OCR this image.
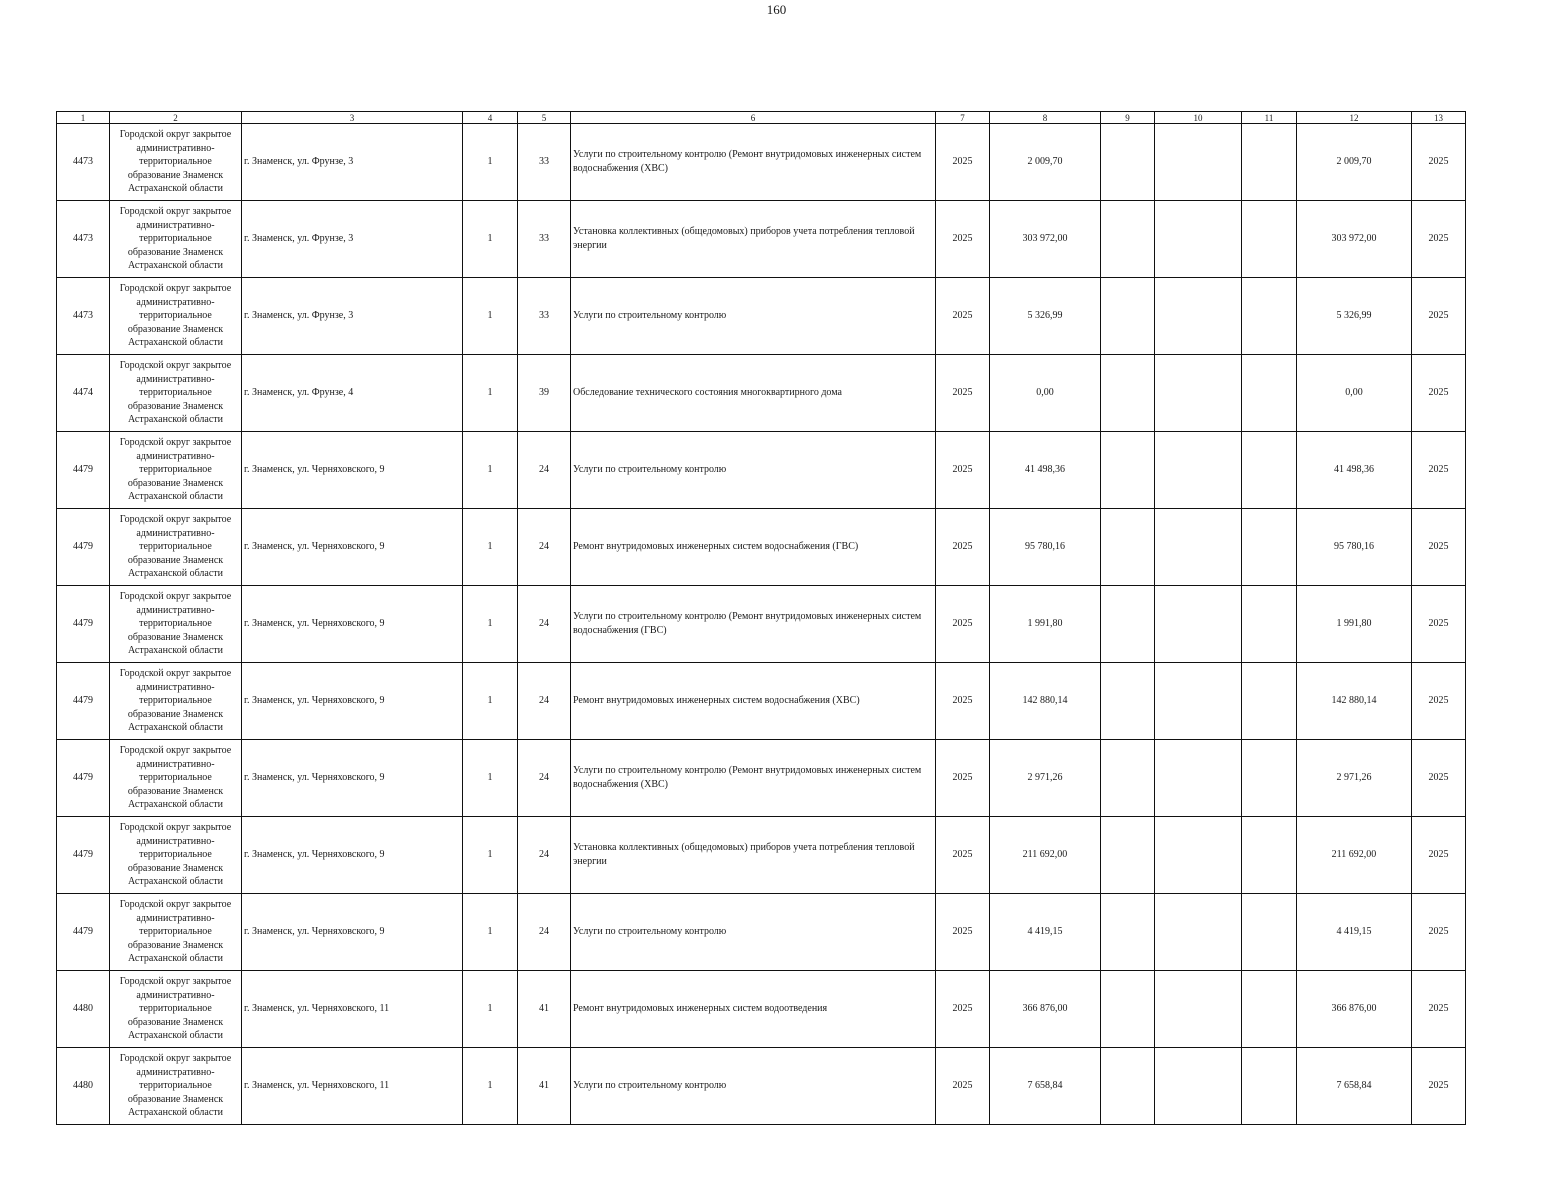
160
1	2	3	4	5	6	7	8	9	10	11	12	13
4473	Городской округ закрытое административно-территориальное образование Знаменск Астраханской области	г. Знаменск, ул. Фрунзе, 3	1	33	Услуги по строительному контролю (Ремонт внутридомовых инженерных систем водоснабжения (ХВС)	2025	2 009,70				2 009,70	2025
4473	Городской округ закрытое административно-территориальное образование Знаменск Астраханской области	г. Знаменск, ул. Фрунзе, 3	1	33	Установка коллективных (общедомовых) приборов учета потребления тепловой энергии	2025	303 972,00				303 972,00	2025
4473	Городской округ закрытое административно-территориальное образование Знаменск Астраханской области	г. Знаменск, ул. Фрунзе, 3	1	33	Услуги по строительному контролю	2025	5 326,99				5 326,99	2025
4474	Городской округ закрытое административно-территориальное образование Знаменск Астраханской области	г. Знаменск, ул. Фрунзе, 4	1	39	Обследование технического состояния многоквартирного дома	2025	0,00				0,00	2025
4479	Городской округ закрытое административно-территориальное образование Знаменск Астраханской области	г. Знаменск, ул. Черняховского, 9	1	24	Услуги по строительному контролю	2025	41 498,36				41 498,36	2025
4479	Городской округ закрытое административно-территориальное образование Знаменск Астраханской области	г. Знаменск, ул. Черняховского, 9	1	24	Ремонт внутридомовых инженерных систем водоснабжения (ГВС)	2025	95 780,16				95 780,16	2025
4479	Городской округ закрытое административно-территориальное образование Знаменск Астраханской области	г. Знаменск, ул. Черняховского, 9	1	24	Услуги по строительному контролю (Ремонт внутридомовых инженерных систем водоснабжения (ГВС)	2025	1 991,80				1 991,80	2025
4479	Городской округ закрытое административно-территориальное образование Знаменск Астраханской области	г. Знаменск, ул. Черняховского, 9	1	24	Ремонт внутридомовых инженерных систем водоснабжения (ХВС)	2025	142 880,14				142 880,14	2025
4479	Городской округ закрытое административно-территориальное образование Знаменск Астраханской области	г. Знаменск, ул. Черняховского, 9	1	24	Услуги по строительному контролю (Ремонт внутридомовых инженерных систем водоснабжения (ХВС)	2025	2 971,26				2 971,26	2025
4479	Городской округ закрытое административно-территориальное образование Знаменск Астраханской области	г. Знаменск, ул. Черняховского, 9	1	24	Установка коллективных (общедомовых) приборов учета потребления тепловой энергии	2025	211 692,00				211 692,00	2025
4479	Городской округ закрытое административно-территориальное образование Знаменск Астраханской области	г. Знаменск, ул. Черняховского, 9	1	24	Услуги по строительному контролю	2025	4 419,15				4 419,15	2025
4480	Городской округ закрытое административно-территориальное образование Знаменск Астраханской области	г. Знаменск, ул. Черняховского, 11	1	41	Ремонт внутридомовых инженерных систем водоотведения	2025	366 876,00				366 876,00	2025
4480	Городской округ закрытое административно-территориальное образование Знаменск Астраханской области	г. Знаменск, ул. Черняховского, 11	1	41	Услуги по строительному контролю	2025	7 658,84				7 658,84	2025
